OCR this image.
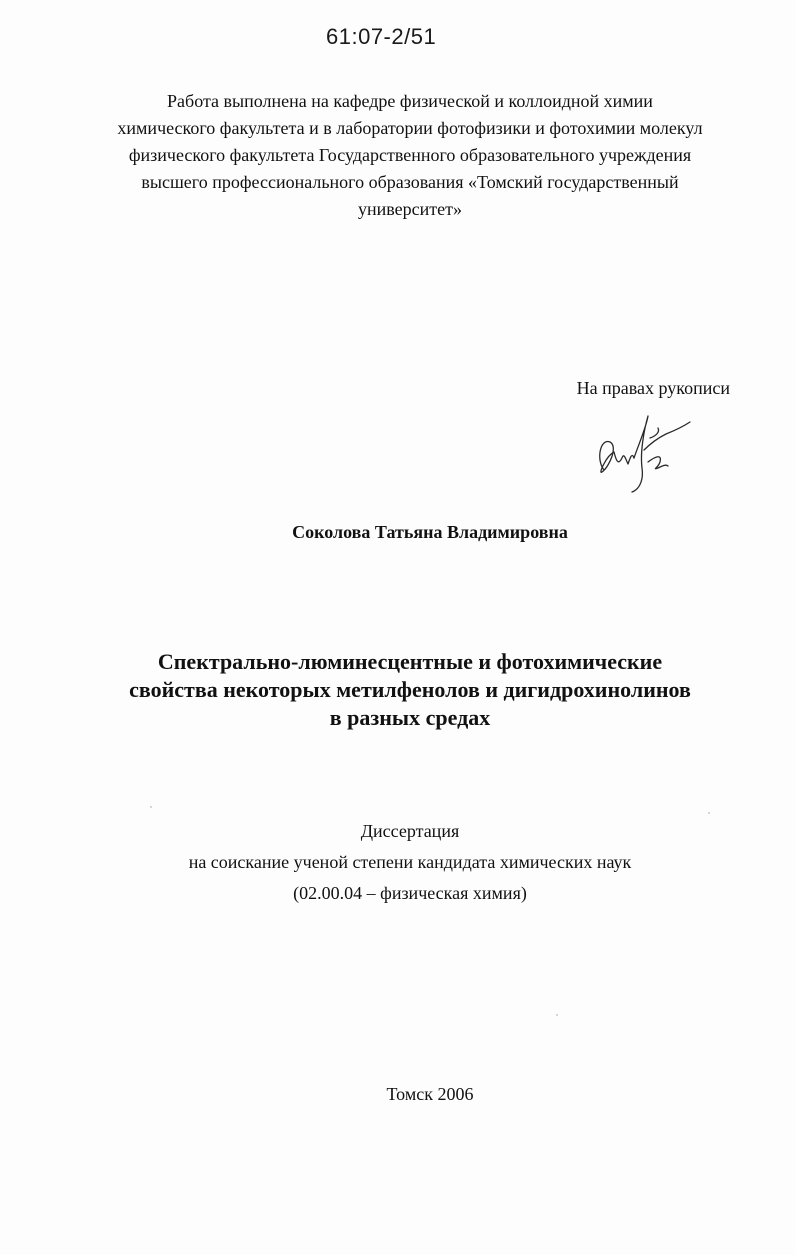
61:07-2/51
Работа выполнена на кафедре физической и коллоидной химии
химического факультета и в лаборатории фотофизики и фотохимии молекул
физического факультета Государственного образовательного учреждения
высшего профессионального образования «Томский государственный
университет»
На правах рукописи
Соколова Татьяна Владимировна
Спектрально-люминесцентные и фотохимические
свойства некоторых метилфенолов и дигидрохинолинов
в разных средах
Диссертация
на соискание ученой степени кандидата химических наук
(02.00.04 – физическая химия)
Томск 2006
